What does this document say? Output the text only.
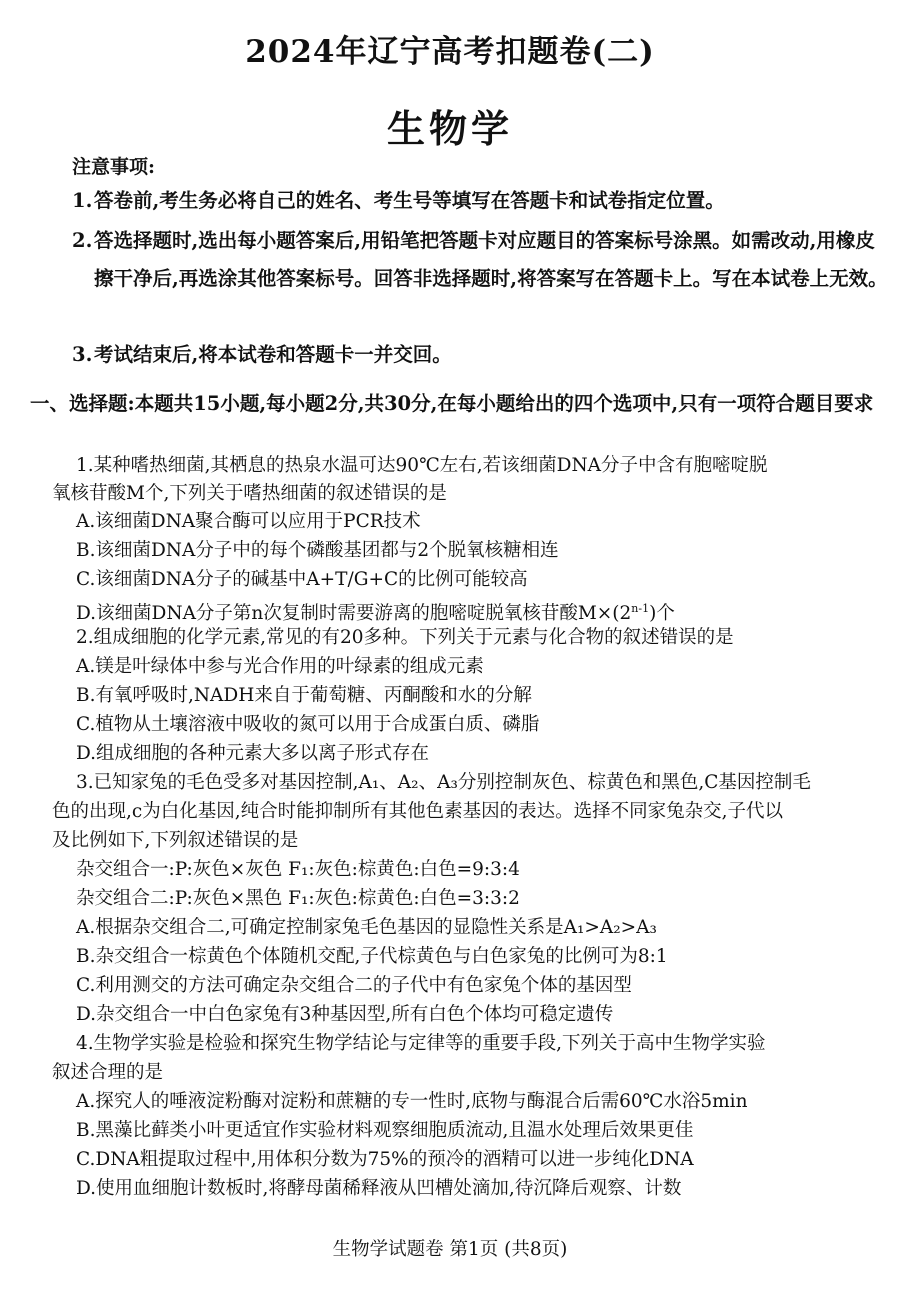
2024年辽宁高考扣题卷(二)
生物学
注意事项:
1.答卷前,考生务必将自己的姓名、考生号等填写在答题卡和试卷指定位置。
2.答选择题时,选出每小题答案后,用铅笔把答题卡对应题目的答案标号涂黑。如需改动,用橡皮擦干净后,再选涂其他答案标号。回答非选择题时,将答案写在答题卡上。写在本试卷上无效。
3.考试结束后,将本试卷和答题卡一并交回。
一、选择题:本题共15小题,每小题2分,共30分,在每小题给出的四个选项中,只有一项符合题目要求
1.某种嗜热细菌,其栖息的热泉水温可达90℃左右,若该细菌DNA分子中含有胞嘧啶脱
氧核苷酸M个,下列关于嗜热细菌的叙述错误的是
A.该细菌DNA聚合酶可以应用于PCR技术
B.该细菌DNA分子中的每个磷酸基团都与2个脱氧核糖相连
C.该细菌DNA分子的碱基中A+T/G+C的比例可能较高
D.该细菌DNA分子第n次复制时需要游离的胞嘧啶脱氧核苷酸$M\times(2^{n-1})$个
2.组成细胞的化学元素,常见的有20多种。下列关于元素与化合物的叙述错误的是
A.镁是叶绿体中参与光合作用的叶绿素的组成元素
B.有氧呼吸时,NADH来自于葡萄糖、丙酮酸和水的分解
C.植物从土壤溶液中吸收的氮可以用于合成蛋白质、磷脂
D.组成细胞的各种元素大多以离子形式存在
3.已知家兔的毛色受多对基因控制,A₁、A₂、A₃分别控制灰色、棕黄色和黑色,C基因控制毛
色的出现,c为白化基因,纯合时能抑制所有其他色素基因的表达。选择不同家兔杂交,子代以
及比例如下,下列叙述错误的是
杂交组合一:P:灰色×灰色 F₁:灰色:棕黄色:白色=9:3:4
杂交组合二:P:灰色×黑色 F₁:灰色:棕黄色:白色=3:3:2
A.根据杂交组合二,可确定控制家兔毛色基因的显隐性关系是A₁>A₂>A₃
B.杂交组合一棕黄色个体随机交配,子代棕黄色与白色家兔的比例可为8:1
C.利用测交的方法可确定杂交组合二的子代中有色家兔个体的基因型
D.杂交组合一中白色家兔有3种基因型,所有白色个体均可稳定遗传
4.生物学实验是检验和探究生物学结论与定律等的重要手段,下列关于高中生物学实验
叙述合理的是
A.探究人的唾液淀粉酶对淀粉和蔗糖的专一性时,底物与酶混合后需60℃水浴5min
B.黑藻比藓类小叶更适宜作实验材料观察细胞质流动,且温水处理后效果更佳
C.DNA粗提取过程中,用体积分数为75%的预冷的酒精可以进一步纯化DNA
D.使用血细胞计数板时,将酵母菌稀释液从凹槽处滴加,待沉降后观察、计数
生物学试题卷 第1页 (共8页)
